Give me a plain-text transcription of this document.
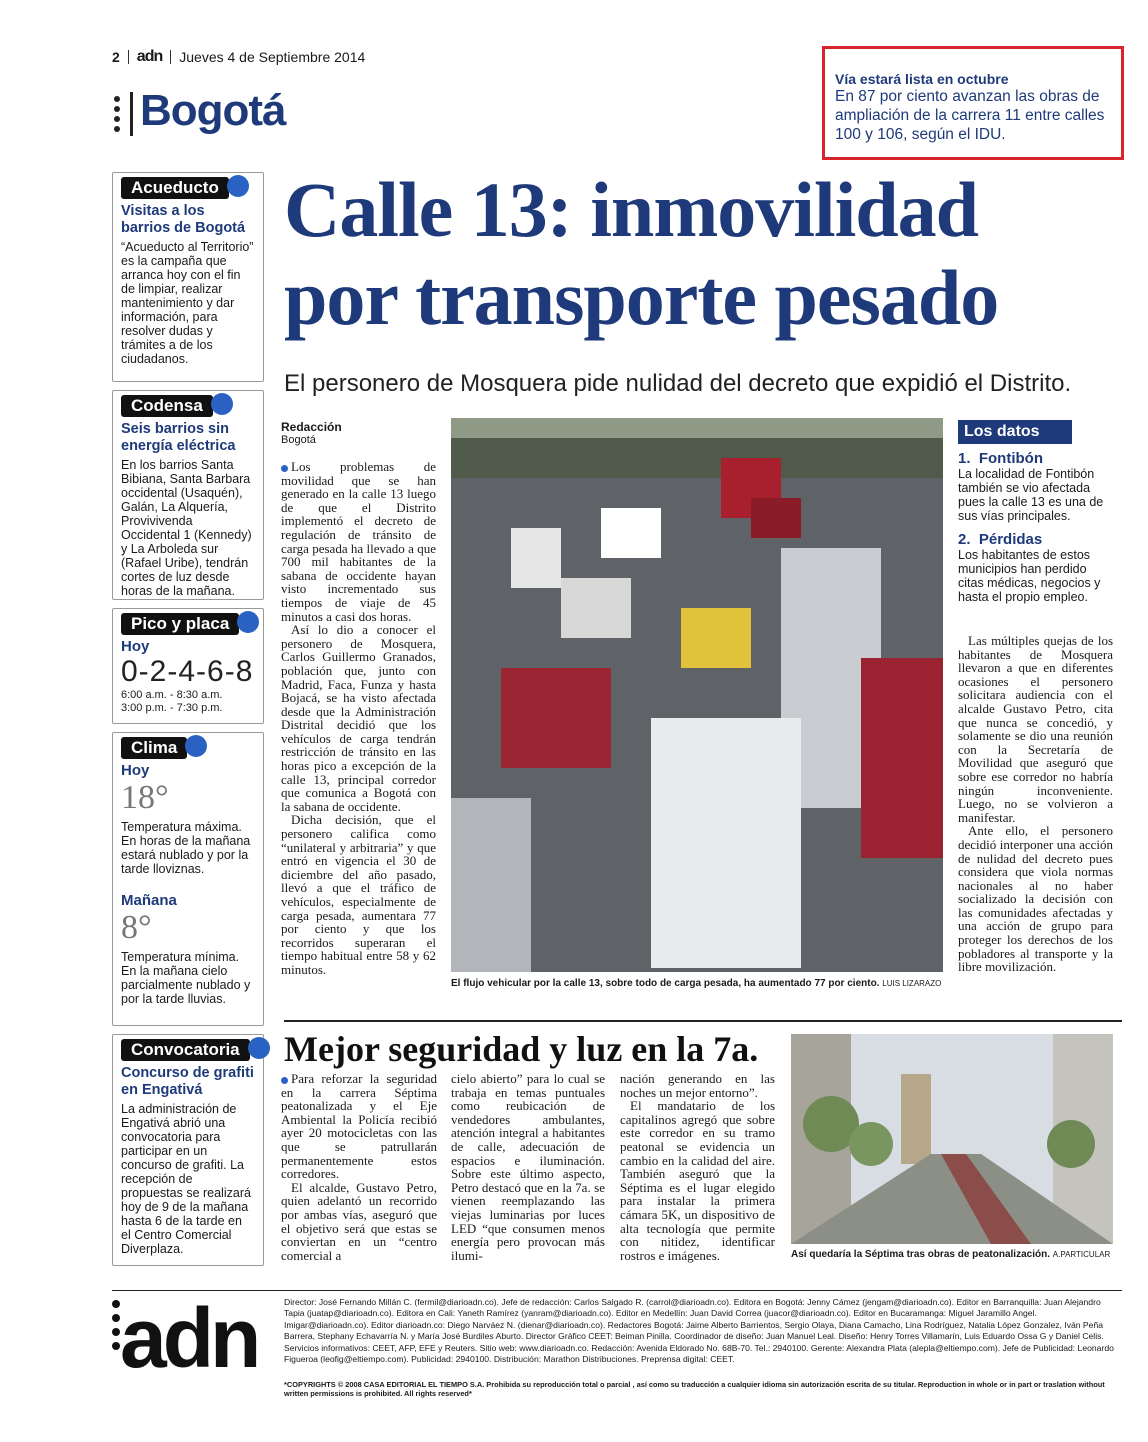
2 adn Jueves 4 de Septiembre 2014
Bogotá
Vía estará lista en octubre
En 87 por ciento avanzan las obras de ampliación de la carrera 11 entre calles 100 y 106, según el IDU.
Acueducto
Visitas a los barrios de Bogotá
“Acueducto al Territorio” es la campaña que arranca hoy con el fin de limpiar, realizar mantenimiento y dar información, para resolver dudas y trámites a de los ciudadanos.
Codensa
Seis barrios sin energía eléctrica
En los barrios Santa Bibiana, Santa Barbara occidental (Usaquén), Galán, La Alquería, Provivivenda Occidental 1 (Kennedy) y La Arboleda sur (Rafael Uribe), tendrán cortes de luz desde horas de la mañana.
Pico y placa
Hoy
0-2-4-6-8
6:00 a.m. - 8:30 a.m.
3:00 p.m. - 7:30 p.m.
Clima
Hoy
18°
Temperatura máxima. En horas de la mañana estará nublado y por la tarde lloviznas.
Mañana
8°
Temperatura mínima. En la mañana cielo parcialmente nublado y por la tarde lluvias.
Convocatoria
Concurso de grafiti en Engativá
La administración de Engativá abrió una convocatoria para participar en un concurso de grafiti. La recepción de propuestas se realizará hoy de 9 de la mañana hasta 6 de la tarde en el Centro Comercial Diverplaza.
Calle 13: inmovilidad
por transporte pesado
El personero de Mosquera pide nulidad del decreto que expidió el Distrito.
Redacción
Bogotá

Los problemas de movilidad que se han generado en la calle 13 luego de que el Distrito implementó el decreto de regulación de tránsito de carga pesada ha llevado a que 700 mil habitantes de la sabana de occidente hayan visto incrementado sus tiempos de viaje de 45 minutos a casi dos horas.

Así lo dio a conocer el personero de Mosquera, Carlos Guillermo Granados, población que, junto con Madrid, Faca, Funza y hasta Bojacá, se ha visto afectada desde que la Administración Distrital decidió que los vehículos de carga tendrán restricción de tránsito en las horas pico a excepción de la calle 13, principal corredor que comunica a Bogotá con la sabana de occidente.

Dicha decisión, que el personero califica como “unilateral y arbitraria” y que entró en vigencia el 30 de diciembre del año pasado, llevó a que el tráfico de vehículos, especialmente de carga pesada, aumentara 77 por ciento y que los recorridos superaran el tiempo habitual entre 58 y 62 minutos.

El flujo vehicular por la calle 13, sobre todo de carga pesada, ha aumentado 77 por ciento. LUIS LIZARAZO
Los datos
1. Fontibón
La localidad de Fontibón también se vio afectada pues la calle 13 es una de sus vías principales.
2. Pérdidas
Los habitantes de estos municipios han perdido citas médicas, negocios y hasta el propio empleo.

Las múltiples quejas de los habitantes de Mosquera llevaron a que en diferentes ocasiones el personero solicitara audiencia con el alcalde Gustavo Petro, cita que nunca se concedió, y solamente se dio una reunión con la Secretaría de Movilidad que aseguró que sobre ese corredor no habría ningún inconveniente. Luego, no se volvieron a manifestar.

Ante ello, el personero decidió interponer una acción de nulidad del decreto pues considera que viola normas nacionales al no haber socializado la decisión con las comunidades afectadas y una acción de grupo para proteger los derechos de los pobladores al transporte y la libre movilización.

Mejor seguridad y luz en la 7a.

Para reforzar la seguridad en la carrera Séptima peatonalizada y el Eje Ambiental la Policía recibió ayer 20 motocicletas con las que se patrullarán permanentemente estos corredores.

El alcalde, Gustavo Petro, quien adelantó un recorrido por ambas vías, aseguró que el objetivo será que estas se conviertan en un “centro comercial a

cielo abierto” para lo cual se trabaja en temas puntuales como reubicación de vendedores ambulantes, atención integral a habitantes de calle, adecuación de espacios e iluminación. Sobre este último aspecto, Petro destacó que en la 7a. se vienen reemplazando las viejas luminarias por luces LED “que consumen menos energía pero provocan más ilumi-

nación generando en las noches un mejor entorno”.

El mandatario de los capitalinos agregó que sobre este corredor en su tramo peatonal se evidencia un cambio en la calidad del aire. También aseguró que la Séptima es el lugar elegido para instalar la primera cámara 5K, un dispositivo de alta tecnología que permite con nitidez, identificar rostros e imágenes.	Así quedaría la Séptima tras obras de peatonalización. A.PARTICULAR
adn	Director: José Fernando Millán C. (fermil@diarioadn.co). Jefe de redacción: Carlos Salgado R. (carrol@diarioadn.co). Editora en Bogotá: Jenny Cámez (jengam@diarioadn.co). Editor en Barranquilla: Juan Alejandro Tapia (juatap@diarioadn.co). Editora en Cali: Yaneth Ramírez (yanram@diarioadn.co). Editor en Medellín: Juan David Correa (juacor@diarioadn.co). Editor en Bucaramanga: Miguel Jaramillo Angel. Imigar@diarioadn.co). Editor diarioadn.co: Diego Narváez N. (dienar@diarioadn.co). Redactores Bogotá: Jaime Alberto Barrientos, Sergio Olaya, Diana Camacho, Lina Rodríguez, Natalia López Gonzalez, Iván Peña Barrera, Stephany Echavarría N. y María José Burdiles Aburto. Director Gráfico CEET: Beiman Pinilla. Coordinador de diseño: Juan Manuel Leal. Diseño: Henry Torres Villamarín, Luis Eduardo Ossa G y Daniel Celis. Servicios informativos: CEET, AFP, EFE y Reuters. Sitio web: www.diarioadn.co. Redacción: Avenida Eldorado No. 68B-70. Tel.: 2940100. Gerente: Alexandra Plata (alepla@eltiempo.com). Jefe de Publicidad: Leonardo Figueroa (leofig@eltiempo.com). Publicidad: 2940100. Distribución: Marathon Distribuciones. Preprensa digital: CEET.
*COPYRIGHTS © 2008 CASA EDITORIAL EL TIEMPO S.A. Prohibida su reproducción total o parcial , así como su traducción a cualquier idioma sin autorización escrita de su titular. Reproduction in whole or in part or traslation without written permissions is prohibited. All rights reserved*
